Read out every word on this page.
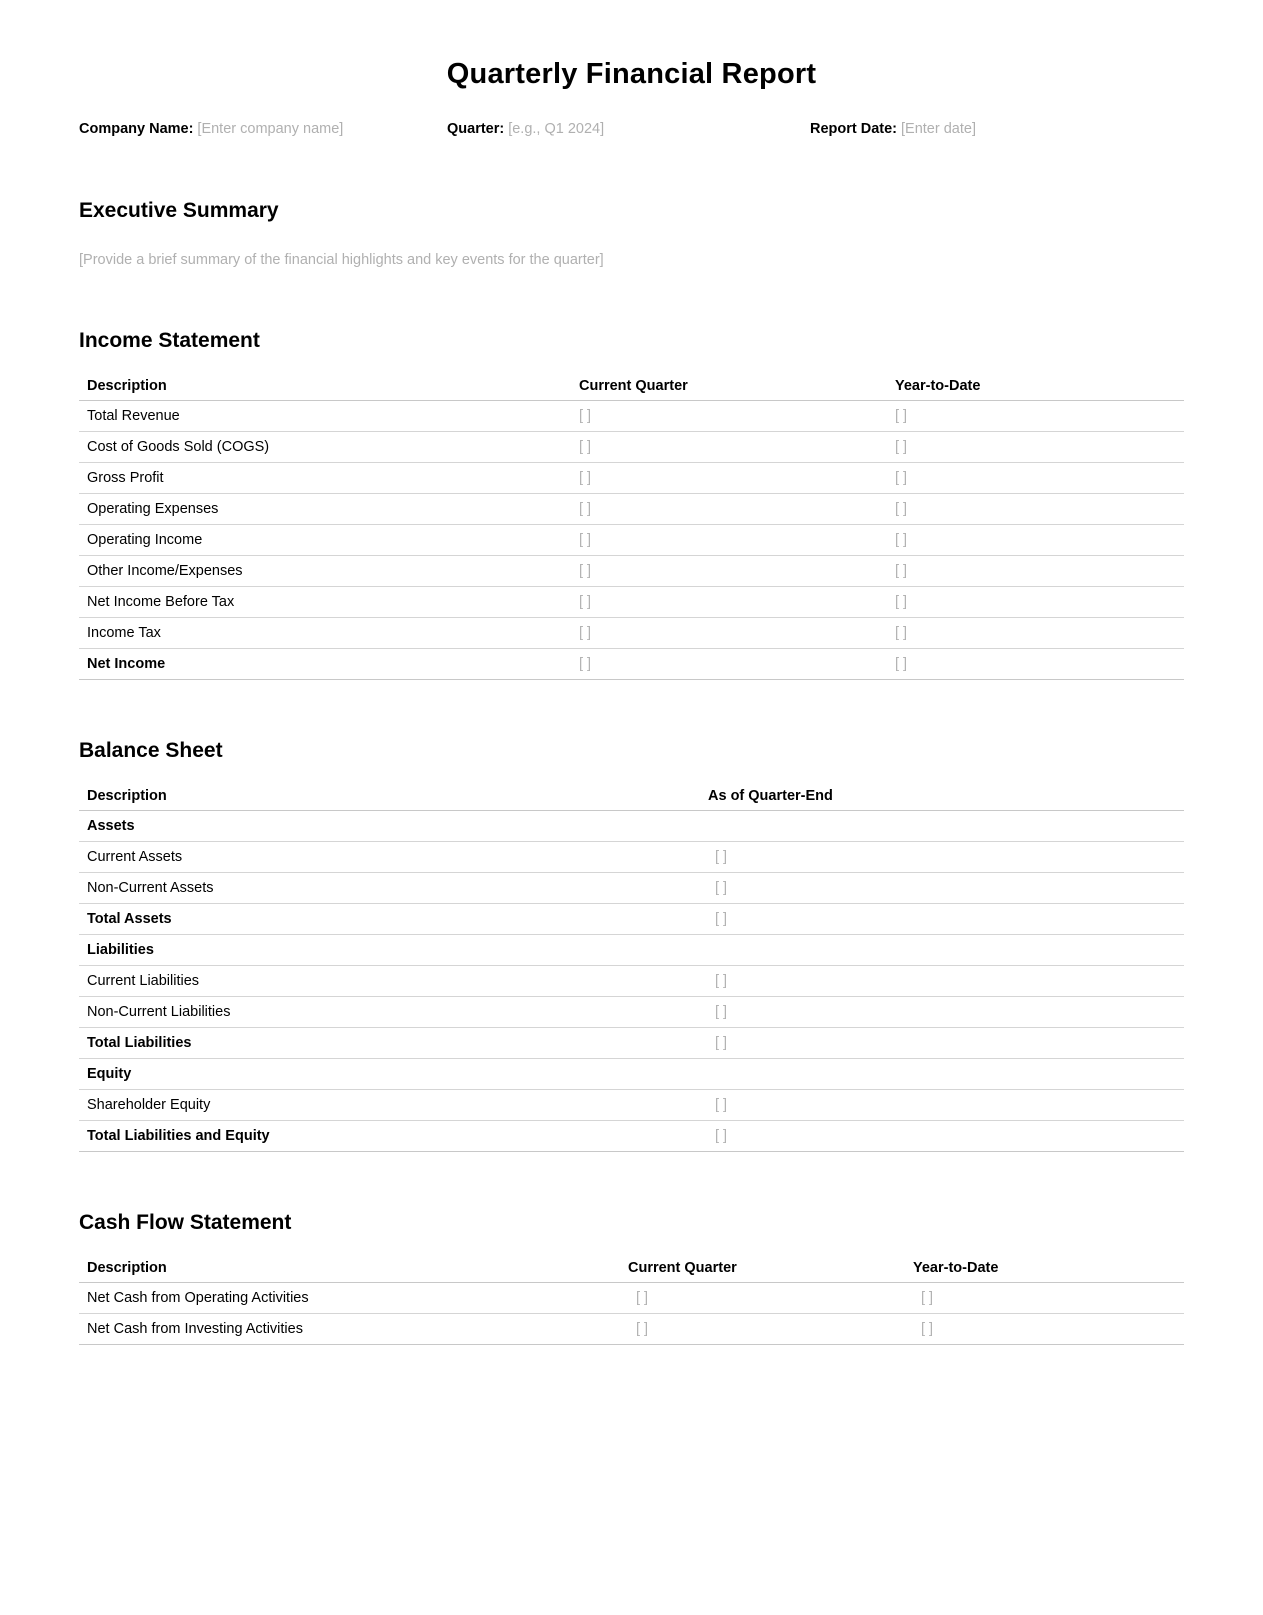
Quarterly Financial Report
Company Name: [Enter company name]	Quarter: [e.g., Q1 2024]	Report Date: [Enter date]
Executive Summary

[Provide a brief summary of the financial highlights and key events for the quarter]

Income Statement
Description	Current Quarter	Year-to-Date
Total Revenue	[ ]	[ ]
Cost of Goods Sold (COGS)	[ ]	[ ]
Gross Profit	[ ]	[ ]
Operating Expenses	[ ]	[ ]
Operating Income	[ ]	[ ]
Other Income/Expenses	[ ]	[ ]
Net Income Before Tax	[ ]	[ ]
Income Tax	[ ]	[ ]
Net Income	[ ]	[ ]
Balance Sheet
Description	As of Quarter-End
Assets	
Current Assets	[ ]
Non-Current Assets	[ ]
Total Assets	[ ]
Liabilities	
Current Liabilities	[ ]
Non-Current Liabilities	[ ]
Total Liabilities	[ ]
Equity	
Shareholder Equity	[ ]
Total Liabilities and Equity	[ ]
Cash Flow Statement
Description	Current Quarter	Year-to-Date
Net Cash from Operating Activities	[ ]	[ ]
Net Cash from Investing Activities	[ ]	[ ]
